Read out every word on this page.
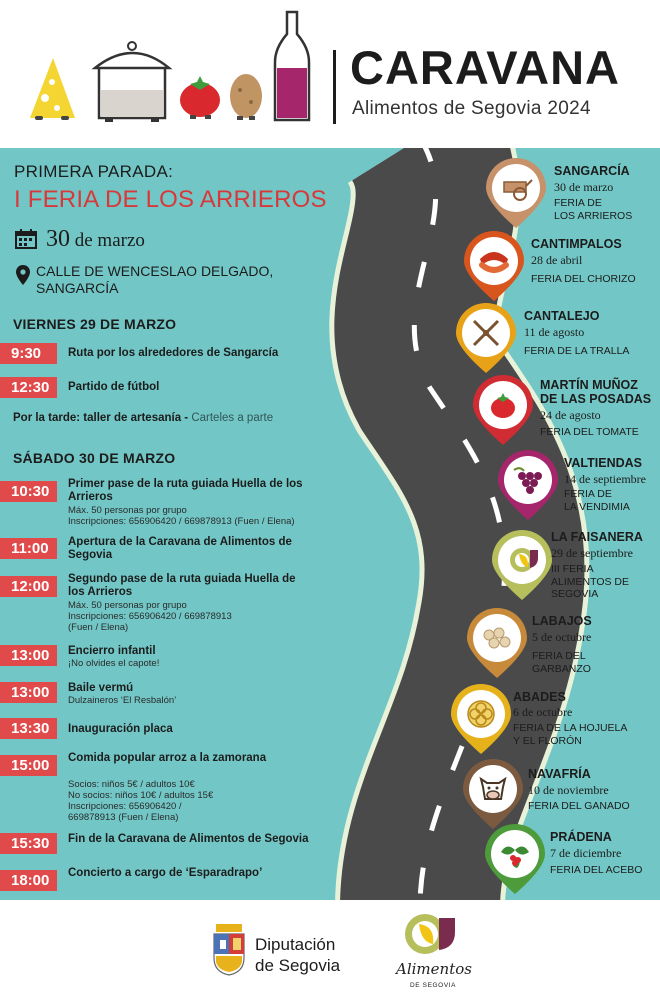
CARAVANA
Alimentos de Segovia 2024
PRIMERA PARADA:
I FERIA DE LOS ARRIEROS
30 de marzo
CALLE DE WENCESLAO DELGADO, SANGARCÍA
VIERNES 29 DE MARZO
9:30	Ruta por los alrededores de Sangarcía
12:30	Partido de fútbol
Por la tarde: taller de artesanía - Carteles a parte
SÁBADO 30 DE MARZO
10:30	Primer pase de la ruta guiada Huella de los Arrieros
Máx. 50 personas por grupo
Inscripciones: 656906420 / 669878913 (Fuen / Elena)
11:00	Apertura de la Caravana de Alimentos de Segovia
12:00	Segundo pase de la ruta guiada Huella de los Arrieros
Máx. 50 personas por grupo
Inscripciones: 656906420 / 669878913
(Fuen / Elena)
13:00	Encierro infantil
¡No olvides el capote!
13:00	Baile vermú
Dulzaineros ‘El Resbalón’
13:30	Inauguración placa
15:00	Comida popular arroz a la zamorana
Socios: niños 5€ / adultos 10€
No socios: niños 10€ / adultos 15€
Inscripciones: 656906420 /
669878913 (Fuen / Elena)
15:30	Fin de la Caravana de Alimentos de Segovia
18:00	Concierto a cargo de ‘Esparadrapo’
SANGARCÍA
30 de marzo
FERIA DE
LOS ARRIEROS
CANTIMPALOS
28 de abril
FERIA DEL CHORIZO
CANTALEJO
11 de agosto
FERIA DE LA TRALLA
MARTÍN MUÑOZ
DE LAS POSADAS
24 de agosto
FERIA DEL TOMATE
VALTIENDAS
14 de septiembre
FERIA DE
LA VENDIMIA
LA FAISANERA
29 de septiembre
III FERIA
ALIMENTOS DE
SEGOVIA
LABAJOS
5 de octubre
FERIA DEL
GARBANZO
ABADES
6 de octubre
FERIA DE LA HOJUELA
Y EL FLORÓN
NAVAFRÍA
10 de noviembre
FERIA DEL GANADO
PRÁDENA
7 de diciembre
FERIA DEL ACEBO
Diputación
de Segovia	Alimentos
DE SEGOVIA
